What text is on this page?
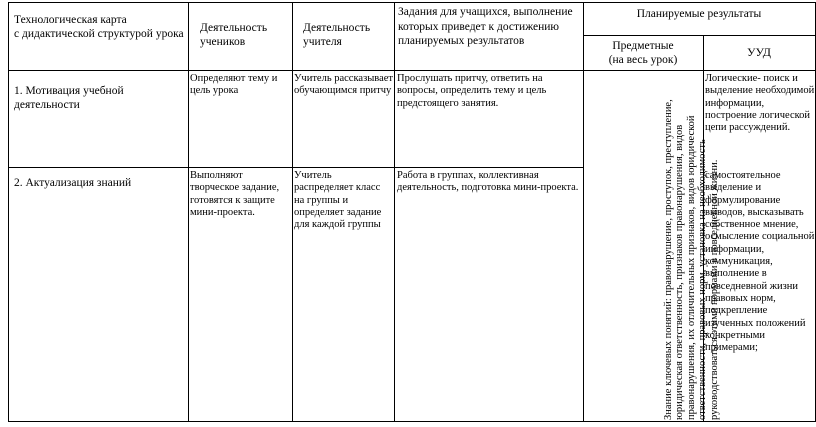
Технологическая карта
с дидактической структурой урока Деятельность
учеников
Деятельность
учителя
Задания для учащихся, выполнение которых приведет к достижению планируемых результатов
Планируемые результаты
Предметные
(на весь урок)
УУД
1. Мотивация учебной деятельности
Определяют тему и цель урока
Учитель рассказывает обучающимся притчу
Прослушать притчу, ответить на вопросы, определить тему и цель предстоящего занятия.
Логические- поиск и выделение необходимой информации, построение логической цепи рассуждений.
2. Актуализация знаний
Выполняют творческое задание, готовятся к защите мини-проекта.
Учитель распределяет класс на группы и определяет задание для каждой группы
Работа в группах, коллективная деятельность, подготовка мини-проекта.
самостоятельное выделение и формулирование выводов, высказывать собственное мнение, осмысление социальной информации, коммуникация, выполнение в повседневной жизни правовых норм, подкрепление изученных положений конкретными примерами;
Знание ключевых понятий: правонарушение, проступок, преступление, юридическая ответственность, признаков правонарушения, видов правонарушения, их отличительных признаков, видов юридической ответственности, правовых норм, установка на необходимость руководствоваться этими нормами в повседневной жизни.
